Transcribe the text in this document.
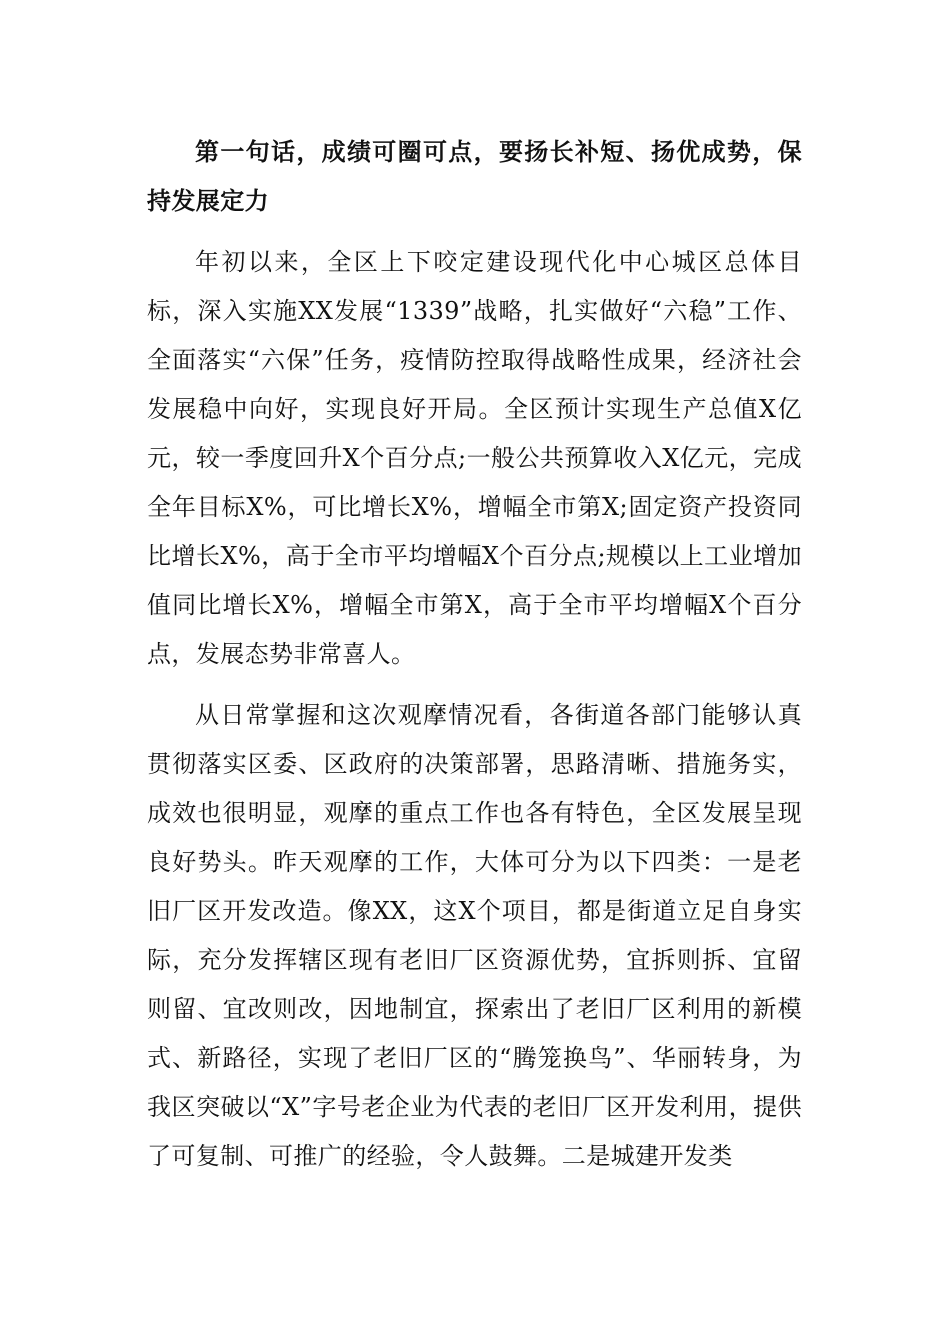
第一句话，成绩可圈可点，要扬长补短、扬优成势，保持发展定力

年初以来，全区上下咬定建设现代化中心城区总体目标，深入实施XX发展“1339”战略，扎实做好“六稳”工作、全面落实“六保”任务，疫情防控取得战略性成果，经济社会发展稳中向好，实现良好开局。全区预计实现生产总值X亿元，较一季度回升X个百分点;一般公共预算收入X亿元，完成全年目标X%，可比增长X%，增幅全市第X;固定资产投资同比增长X%，高于全市平均增幅X个百分点;规模以上工业增加值同比增长X%，增幅全市第X，高于全市平均增幅X个百分点，发展态势非常喜人。

从日常掌握和这次观摩情况看，各街道各部门能够认真贯彻落实区委、区政府的决策部署，思路清晰、措施务实，成效也很明显，观摩的重点工作也各有特色，全区发展呈现良好势头。昨天观摩的工作，大体可分为以下四类：一是老旧厂区开发改造。像XX，这X个项目，都是街道立足自身实际，充分发挥辖区现有老旧厂区资源优势，宜拆则拆、宜留则留、宜改则改，因地制宜，探索出了老旧厂区利用的新模式、新路径，实现了老旧厂区的“腾笼换鸟”、华丽转身，为我区突破以“X”字号老企业为代表的老旧厂区开发利用，提供了可复制、可推广的经验，令人鼓舞。二是城建开发类
